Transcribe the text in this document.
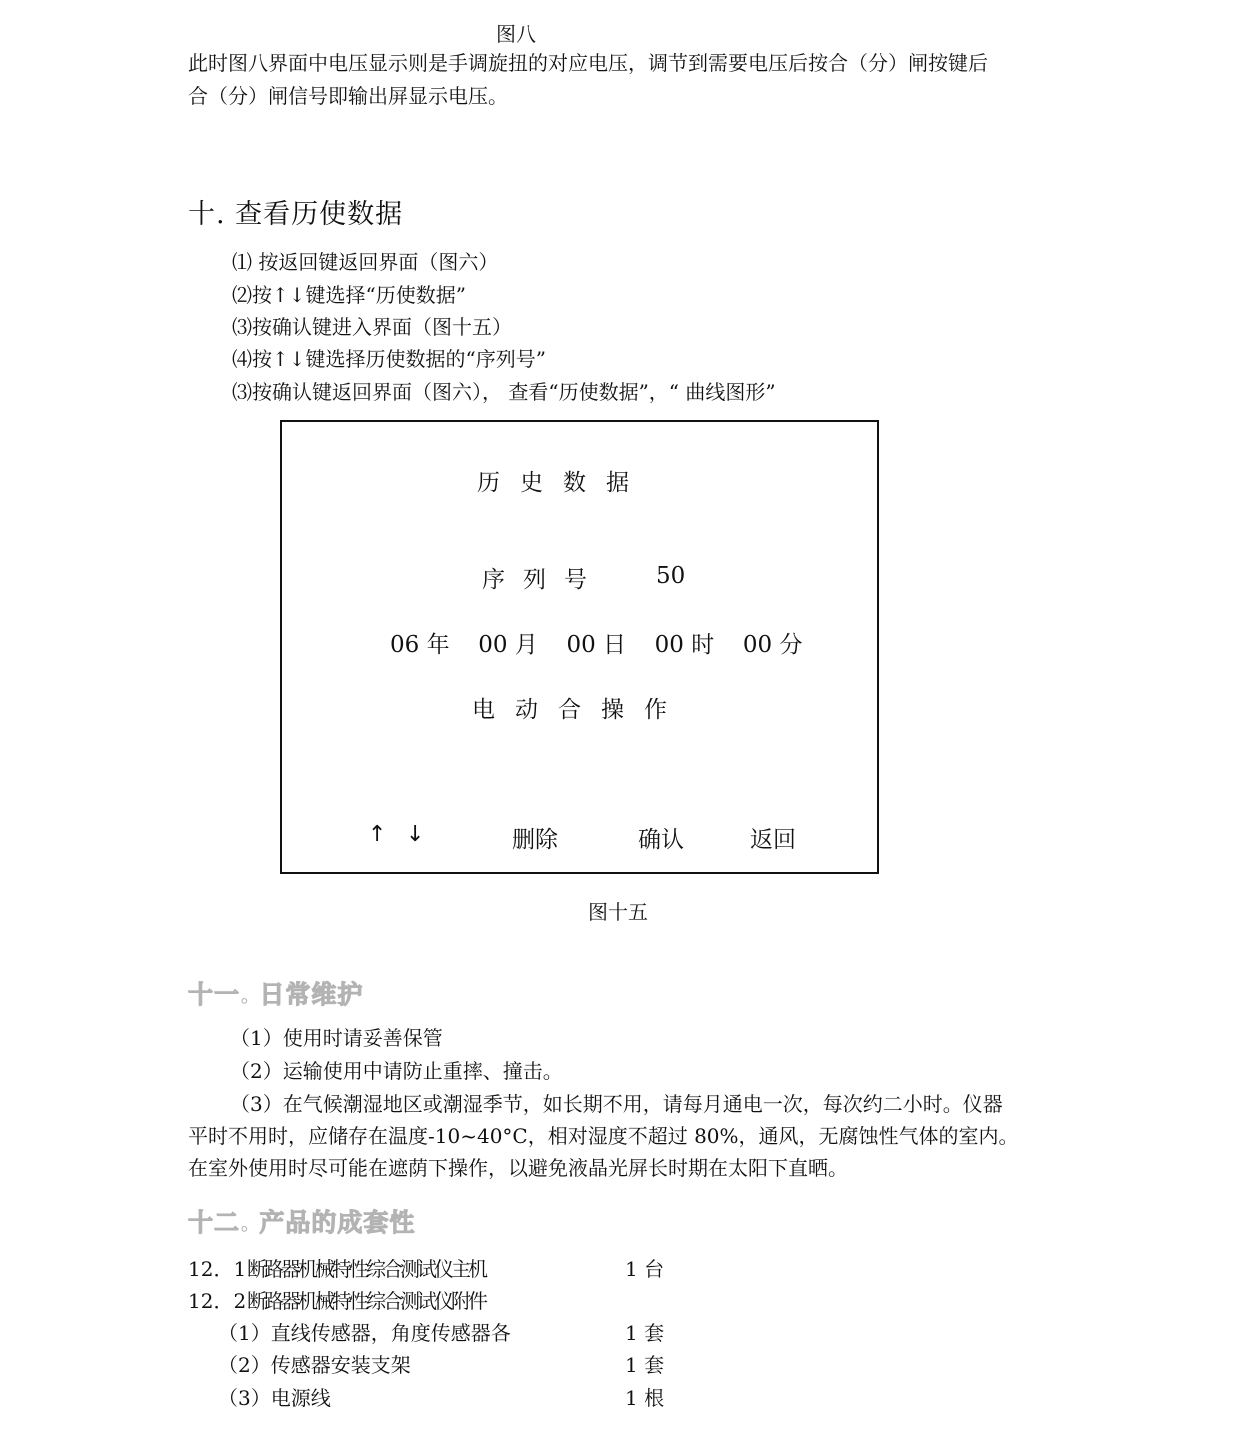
图八
此时图八界面中电压显示则是手调旋扭的对应电压，调节到需要电压后按合（分）闸按键后
合（分）闸信号即输出屏显示电压。
十. 查看历使数据
⑴ 按返回键返回界面（图六）
⑵按↑↓键选择“历使数据”
⑶按确认键进入界面（图十五）
⑷按↑↓键选择历使数据的“序列号”
⑶按确认键返回界面（图六）， 查看“历使数据”，“ 曲线图形”
历史数据
序列号 50
06 年 00 月 00 日 00 时 00 分
电动合操作
↑ ↓	删除	确认	返回
图十五
十一. 日常维护
（1）使用时请妥善保管
（2）运输使用中请防止重摔、撞击。
（3）在气候潮湿地区或潮湿季节，如长期不用，请每月通电一次，每次约二小时。仪器
平时不用时，应储存在温度-10~40°C，相对湿度不超过 80%，通风，无腐蚀性气体的室内。
在室外使用时尽可能在遮荫下操作，以避免液晶光屏长时期在太阳下直晒。
十二. 产品的成套性
12．1 断路器机械特性综合测试仪主机	1 台
12．2 断路器机械特性综合测试仪附件
（1）直线传感器，角度传感器各	1 套
（2）传感器安装支架	1 套
（3）电源线	1 根
